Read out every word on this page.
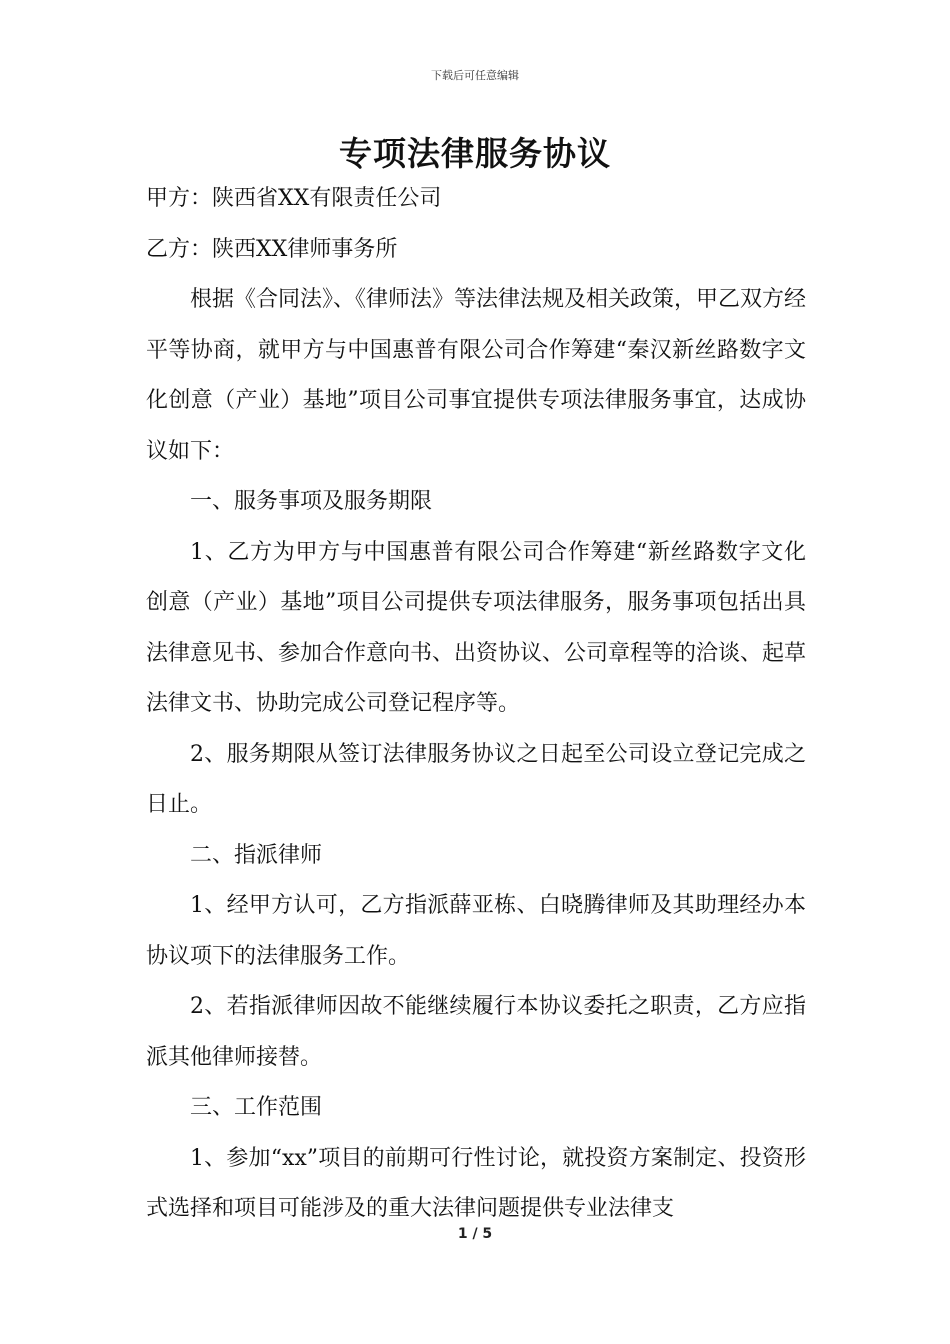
下载后可任意编辑
专项法律服务协议

甲方：陕西省XX有限责任公司

乙方：陕西XX律师事务所

根据《合同法》、《律师法》等法律法规及相关政策，甲乙双方经平等协商，就甲方与中国惠普有限公司合作筹建“秦汉新丝路数字文化创意（产业）基地”项目公司事宜提供专项法律服务事宜，达成协议如下：

一、服务事项及服务期限

1、乙方为甲方与中国惠普有限公司合作筹建“新丝路数字文化创意（产业）基地”项目公司提供专项法律服务，服务事项包括出具法律意见书、参加合作意向书、出资协议、公司章程等的洽谈、起草法律文书、协助完成公司登记程序等。

2、服务期限从签订法律服务协议之日起至公司设立登记完成之日止。

二、指派律师

1、经甲方认可，乙方指派薛亚栋、白晓腾律师及其助理经办本协议项下的法律服务工作。

2、若指派律师因故不能继续履行本协议委托之职责，乙方应指派其他律师接替。

三、工作范围

1、参加“xx”项目的前期可行性讨论，就投资方案制定、投资形式选择和项目可能涉及的重大法律问题提供专业法律支

1 / 5
